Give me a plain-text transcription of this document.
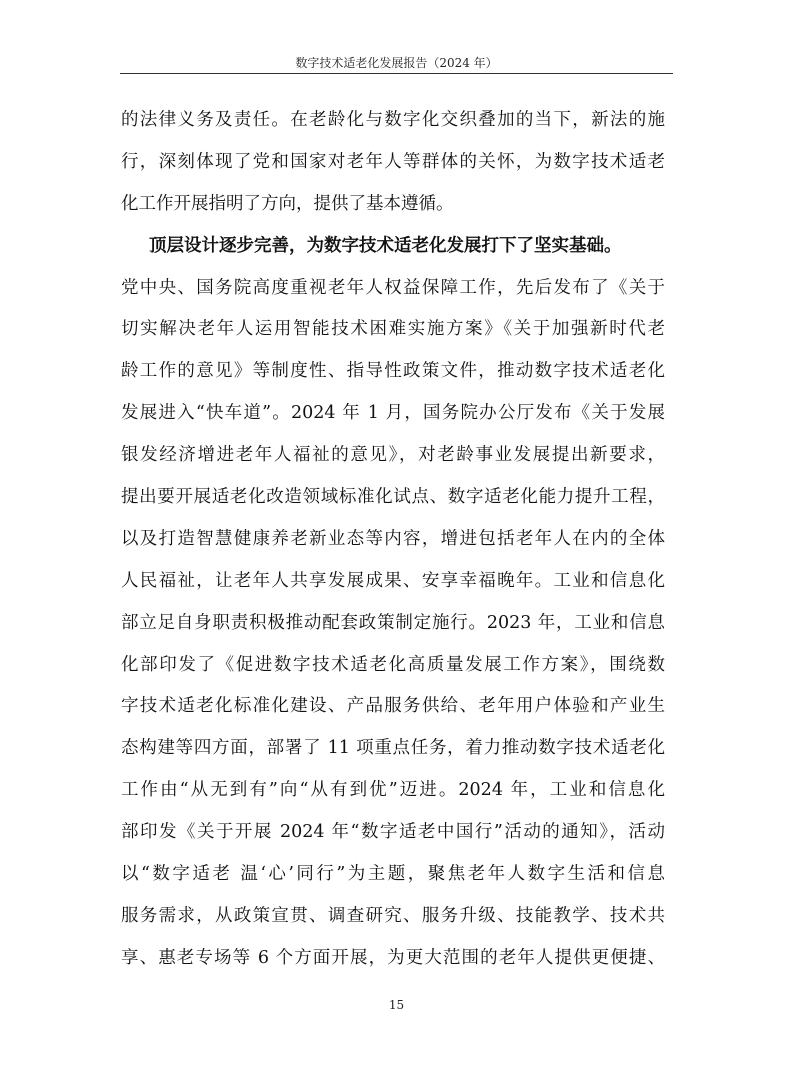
数字技术适老化发展报告（2024 年）
的法律义务及责任。在老龄化与数字化交织叠加的当下，新法的施
行，深刻体现了党和国家对老年人等群体的关怀，为数字技术适老
化工作开展指明了方向，提供了基本遵循。
顶层设计逐步完善，为数字技术适老化发展打下了坚实基础。
党中央、国务院高度重视老年人权益保障工作，先后发布了《关于
切实解决老年人运用智能技术困难实施方案》《关于加强新时代老
龄工作的意见》等制度性、指导性政策文件，推动数字技术适老化
发展进入“快车道”。2024 年 1 月，国务院办公厅发布《关于发展
银发经济增进老年人福祉的意见》，对老龄事业发展提出新要求，
提出要开展适老化改造领域标准化试点、数字适老化能力提升工程，
以及打造智慧健康养老新业态等内容，增进包括老年人在内的全体
人民福祉，让老年人共享发展成果、安享幸福晚年。工业和信息化
部立足自身职责积极推动配套政策制定施行。2023 年，工业和信息
化部印发了《促进数字技术适老化高质量发展工作方案》，围绕数
字技术适老化标准化建设、产品服务供给、老年用户体验和产业生
态构建等四方面，部署了 11 项重点任务，着力推动数字技术适老化
工作由“从无到有”向“从有到优”迈进。2024 年，工业和信息化
部印发《关于开展 2024 年“数字适老中国行”活动的通知》，活动
以“数字适老 温‘心’同行”为主题，聚焦老年人数字生活和信息
服务需求，从政策宣贯、调查研究、服务升级、技能教学、技术共
享、惠老专场等 6 个方面开展，为更大范围的老年人提供更便捷、
15
